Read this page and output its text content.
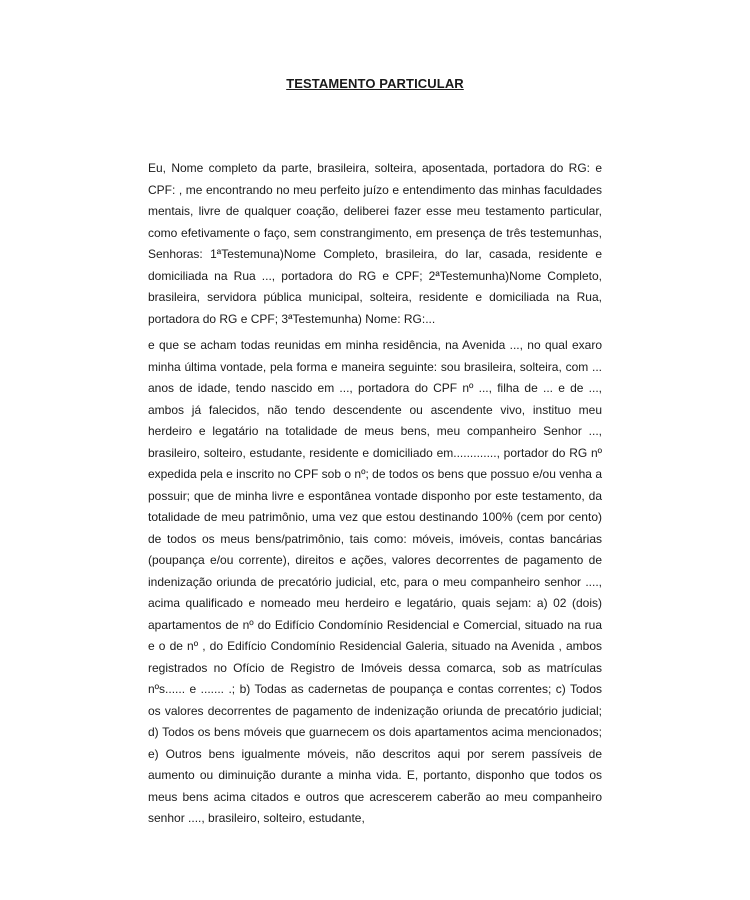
TESTAMENTO PARTICULAR

Eu, Nome completo da parte, brasileira, solteira, aposentada, portadora do RG: e CPF: , me encontrando no meu perfeito juízo e entendimento das minhas faculdades mentais, livre de qualquer coação, deliberei fazer esse meu testamento particular, como efetivamente o faço, sem constrangimento, em presença de três testemunhas, Senhoras: 1ªTestemuna)Nome Completo, brasileira, do lar, casada, residente e domiciliada na Rua ..., portadora do RG e CPF; 2ªTestemunha)Nome Completo, brasileira, servidora pública municipal, solteira, residente e domiciliada na Rua, portadora do RG e CPF; 3ªTestemunha) Nome: RG:...

e que se acham todas reunidas em minha residência, na Avenida ..., no qual exaro minha última vontade, pela forma e maneira seguinte: sou brasileira, solteira, com ... anos de idade, tendo nascido em ..., portadora do CPF nº ..., filha de ... e de ..., ambos já falecidos, não tendo descendente ou ascendente vivo, instituo meu herdeiro e legatário na totalidade de meus bens, meu companheiro Senhor ..., brasileiro, solteiro, estudante, residente e domiciliado em............., portador do RG nº expedida pela e inscrito no CPF sob o nº; de todos os bens que possuo e/ou venha a possuir; que de minha livre e espontânea vontade disponho por este testamento, da totalidade de meu patrimônio, uma vez que estou destinando 100% (cem por cento) de todos os meus bens/patrimônio, tais como: móveis, imóveis, contas bancárias (poupança e/ou corrente), direitos e ações, valores decorrentes de pagamento de indenização oriunda de precatório judicial, etc, para o meu companheiro senhor ...., acima qualificado e nomeado meu herdeiro e legatário, quais sejam: a) 02 (dois) apartamentos de nº do Edifício Condomínio Residencial e Comercial, situado na rua e o de nº , do Edifício Condomínio Residencial Galeria, situado na Avenida , ambos registrados no Ofício de Registro de Imóveis dessa comarca, sob as matrículas nºs...... e ....... .; b) Todas as cadernetas de poupança e contas correntes; c) Todos os valores decorrentes de pagamento de indenização oriunda de precatório judicial; d) Todos os bens móveis que guarnecem os dois apartamentos acima mencionados; e) Outros bens igualmente móveis, não descritos aqui por serem passíveis de aumento ou diminuição durante a minha vida. E, portanto, disponho que todos os meus bens acima citados e outros que acrescerem caberão ao meu companheiro senhor ...., brasileiro, solteiro, estudante,
